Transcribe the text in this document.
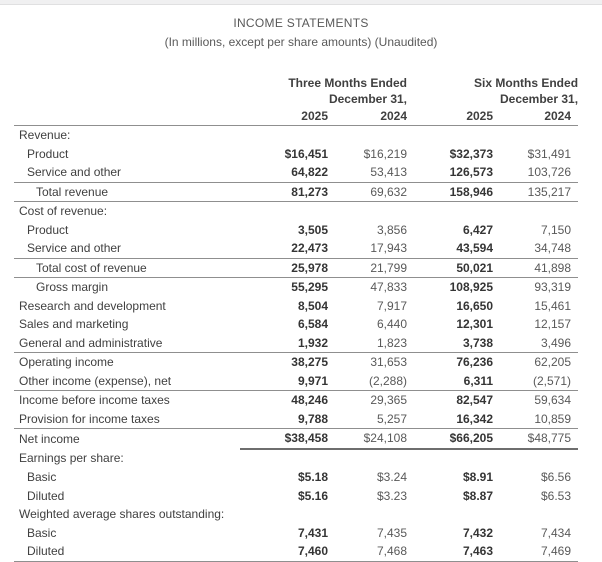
INCOME STATEMENTS
(In millions, except per share amounts) (Unaudited)
	Three Months Ended		Six Months Ended	
	December 31,		December 31,	
	2025	2024	2025	2024
Revenue:				
Product	$16,451	$16,219	$32,373	$31,491
Service and other	64,822	53,413	126,573	103,726
Total revenue	81,273	69,632	158,946	135,217
Cost of revenue:				
Product	3,505	3,856	6,427	7,150
Service and other	22,473	17,943	43,594	34,748
Total cost of revenue	25,978	21,799	50,021	41,898
Gross margin	55,295	47,833	108,925	93,319
Research and development	8,504	7,917	16,650	15,461
Sales and marketing	6,584	6,440	12,301	12,157
General and administrative	1,932	1,823	3,738	3,496
Operating income	38,275	31,653	76,236	62,205
Other income (expense), net	9,971	(2,288)	6,311	(2,571)
Income before income taxes	48,246	29,365	82,547	59,634
Provision for income taxes	9,788	5,257	16,342	10,859
Net income	$38,458	$24,108	$66,205	$48,775
Earnings per share:				
Basic	$5.18	$3.24	$8.91	$6.56
Diluted	$5.16	$3.23	$8.87	$6.53
Weighted average shares outstanding:				
Basic	7,431	7,435	7,432	7,434
Diluted	7,460	7,468	7,463	7,469
